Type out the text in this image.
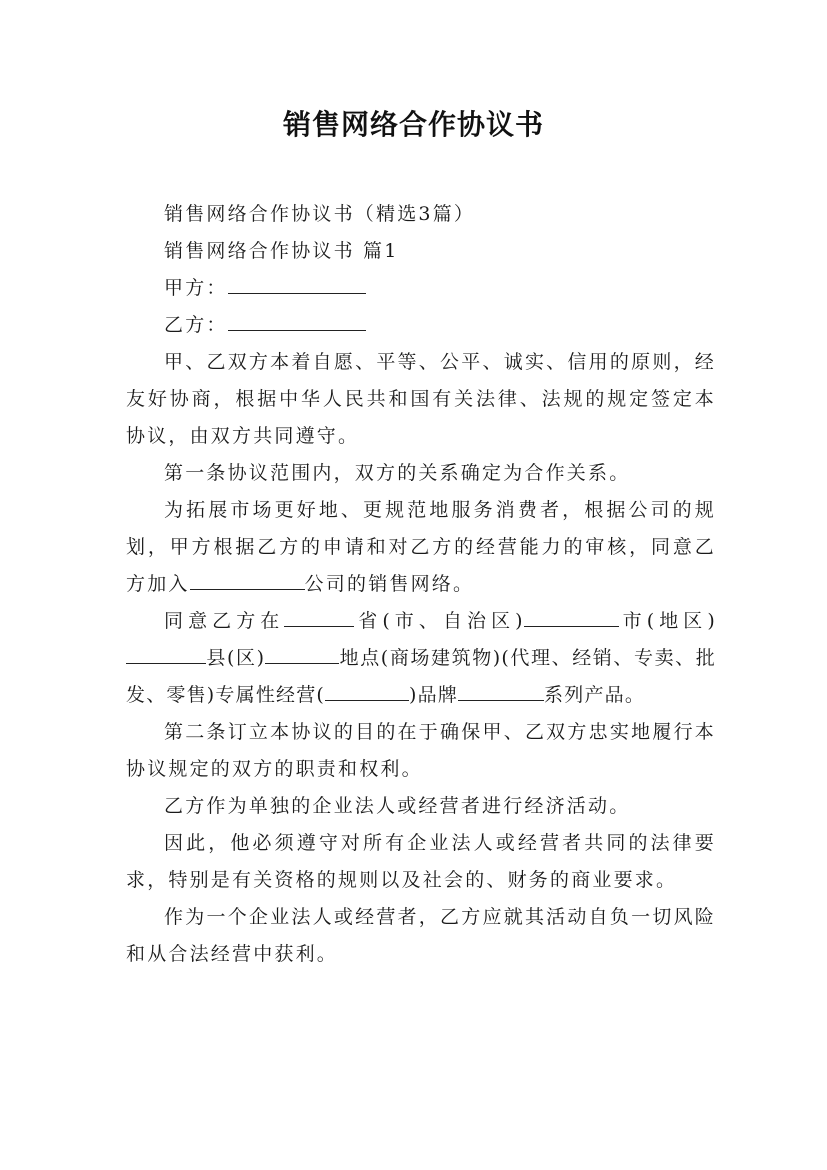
销售网络合作协议书

销售网络合作协议书（精选3篇）

销售网络合作协议书 篇1

甲方：

乙方：

甲、乙双方本着自愿、平等、公平、诚实、信用的原则，经友好协商，根据中华人民共和国有关法律、法规的规定签定本协议，由双方共同遵守。

第一条协议范围内，双方的关系确定为合作关系。

为拓展市场更好地、更规范地服务消费者，根据公司的规划，甲方根据乙方的申请和对乙方的经营能力的审核，同意乙方加入	公司的销售网络。

同意乙方在	省(市、自治区)	市(地区)县(区)	地点(商场建筑物)(代理、经销、专卖、批发、零售)专属性经营(	)品牌	系列产品。

第二条订立本协议的目的在于确保甲、乙双方忠实地履行本协议规定的双方的职责和权利。

乙方作为单独的企业法人或经营者进行经济活动。

因此，他必须遵守对所有企业法人或经营者共同的法律要求，特别是有关资格的规则以及社会的、财务的商业要求。

作为一个企业法人或经营者，乙方应就其活动自负一切风险和从合法经营中获利。
